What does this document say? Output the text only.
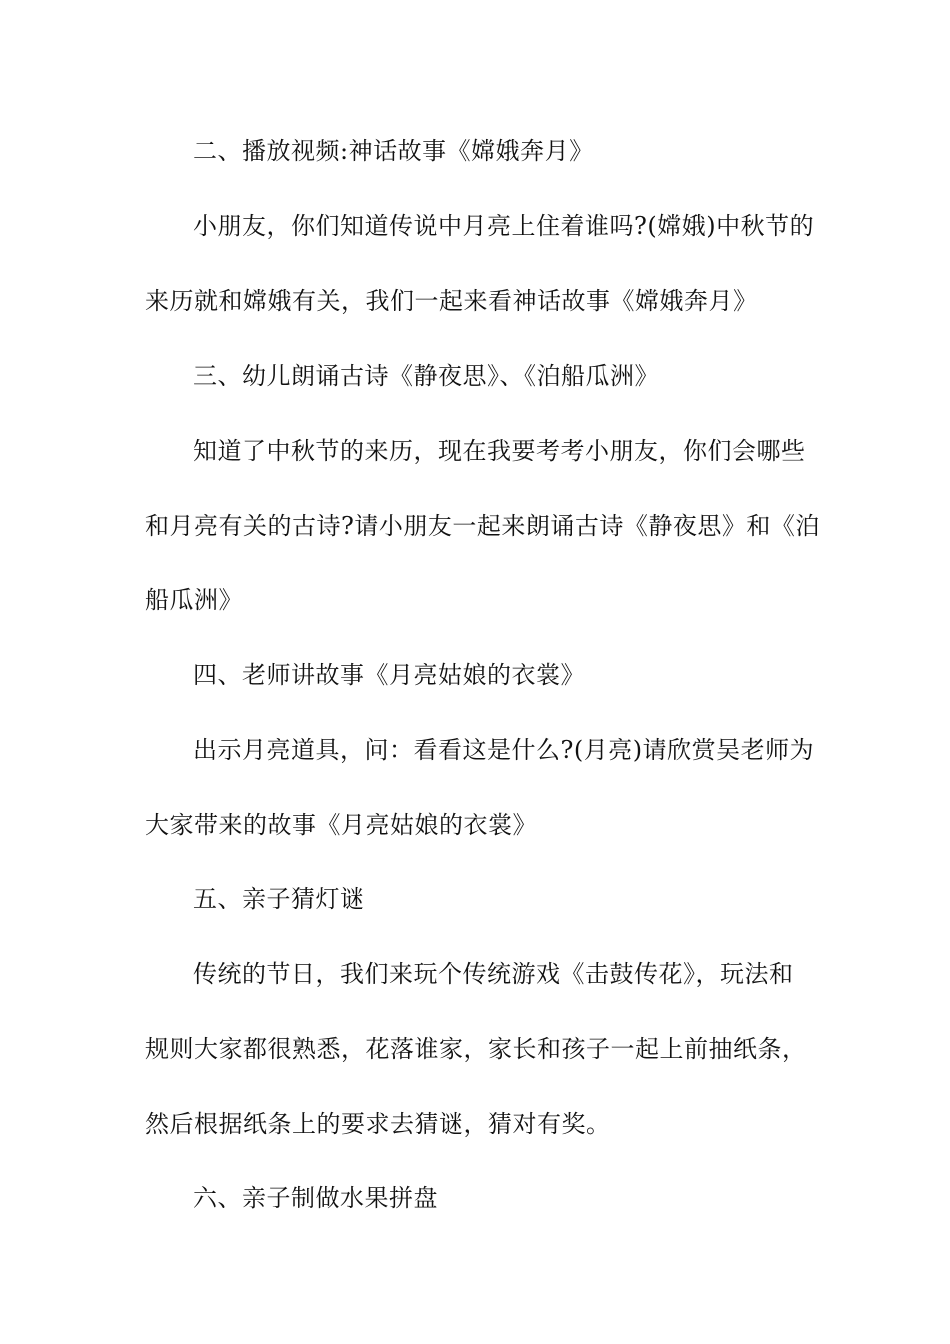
二、播放视频:神话故事《嫦娥奔月》
小朋友，你们知道传说中月亮上住着谁吗?(嫦娥)中秋节的
来历就和嫦娥有关，我们一起来看神话故事《嫦娥奔月》
三、幼儿朗诵古诗《静夜思》、《泊船瓜洲》
知道了中秋节的来历，现在我要考考小朋友，你们会哪些
和月亮有关的古诗?请小朋友一起来朗诵古诗《静夜思》和《泊
船瓜洲》
四、老师讲故事《月亮姑娘的衣裳》
出示月亮道具，问：看看这是什么?(月亮)请欣赏吴老师为
大家带来的故事《月亮姑娘的衣裳》
五、亲子猜灯谜
传统的节日，我们来玩个传统游戏《击鼓传花》，玩法和
规则大家都很熟悉，花落谁家，家长和孩子一起上前抽纸条，
然后根据纸条上的要求去猜谜，猜对有奖。
六、亲子制做水果拼盘
